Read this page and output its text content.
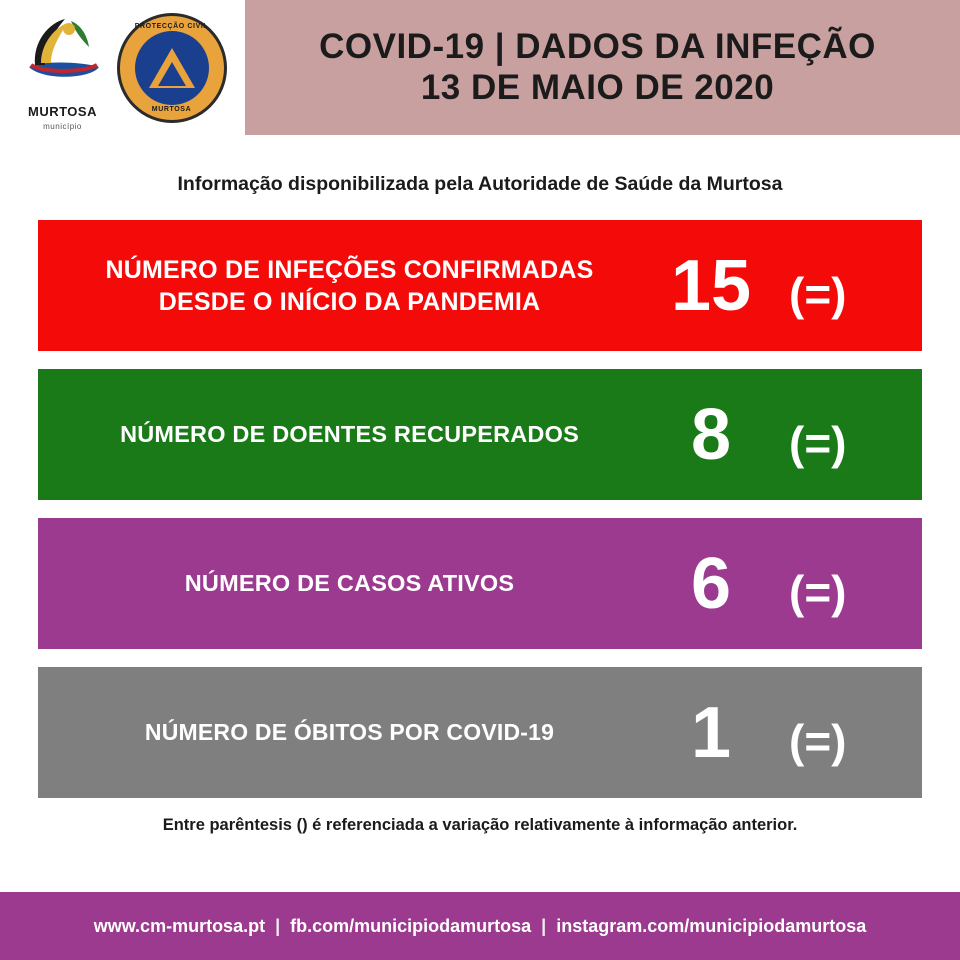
MURTOSA
município
PROTECÇÃO CIVIL
MURTOSA
COVID-19 | DADOS DA INFEÇÃO
13 DE MAIO DE 2020
Informação disponibilizada pela Autoridade de Saúde da Murtosa
NÚMERO DE INFEÇÕES CONFIRMADAS
DESDE O INÍCIO DA PANDEMIA	15 (=)
NÚMERO DE DOENTES RECUPERADOS	8	(=)
NÚMERO DE CASOS ATIVOS	6	(=)
NÚMERO DE ÓBITOS POR COVID-19	1	(=)
Entre parêntesis () é referenciada a variação relativamente à informação anterior.
www.cm-murtosa.pt | fb.com/municipiodamurtosa | instagram.com/municipiodamurtosa
